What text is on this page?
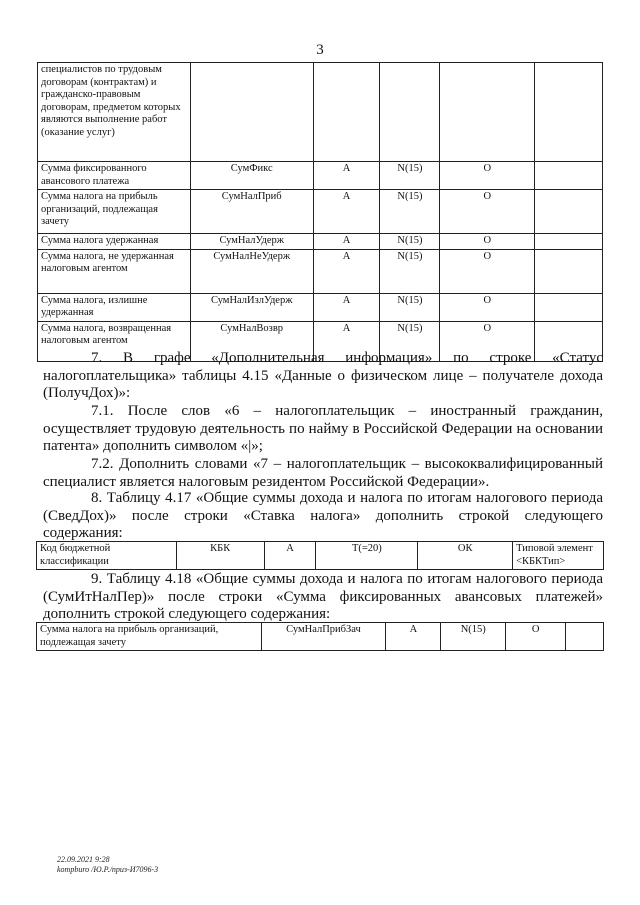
3
специалистов по трудовым договорам (контрактам) и гражданско-правовым договорам, предметом которых являются выполнение работ (оказание услуг)					
Сумма фиксированного авансового платежа	СумФикс	А	N(15)	О	
Сумма налога на прибыль организаций, подлежащая зачету	СумНалПриб	А	N(15)	О	
Сумма налога удержанная	СумНалУдерж	А	N(15)	О	
Сумма налога, не удержанная налоговым агентом	СумНалНеУдерж	А	N(15)	О	
Сумма налога, излишне удержанная	СумНалИзлУдерж	А	N(15)	О	
Сумма налога, возвращенная налоговым агентом	СумНалВозвр	А	N(15)	О	

7. В графе «Дополнительная информация» по строке «Статус налогоплательщика» таблицы 4.15 «Данные о физическом лице – получателе дохода (ПолучДох)»:

7.1. После слов «6 – налогоплательщик – иностранный гражданин, осуществляет трудовую деятельность по найму в Российской Федерации на основании патента» дополнить символом «|»;

7.2. Дополнить словами «7 – налогоплательщик – высококвалифицированный специалист является налоговым резидентом Российской Федерации».

8. Таблицу 4.17 «Общие суммы дохода и налога по итогам налогового периода (СведДох)» после строки «Ставка налога» дополнить строкой следующего содержания:

Код бюджетной классификации	КБК	А	T(=20)	ОК	Типовой элемент <КБКТип>

9. Таблицу 4.18 «Общие суммы дохода и налога по итогам налогового периода (СумИтНалПер)» после строки «Сумма фиксированных авансовых платежей» дополнить строкой следующего содержания:

Сумма налога на прибыль организаций, подлежащая зачету	СумНалПрибЗач	А	N(15)	О	
22.09.2021 9:28
kompburo /Ю.Р./приз-И7096-3
